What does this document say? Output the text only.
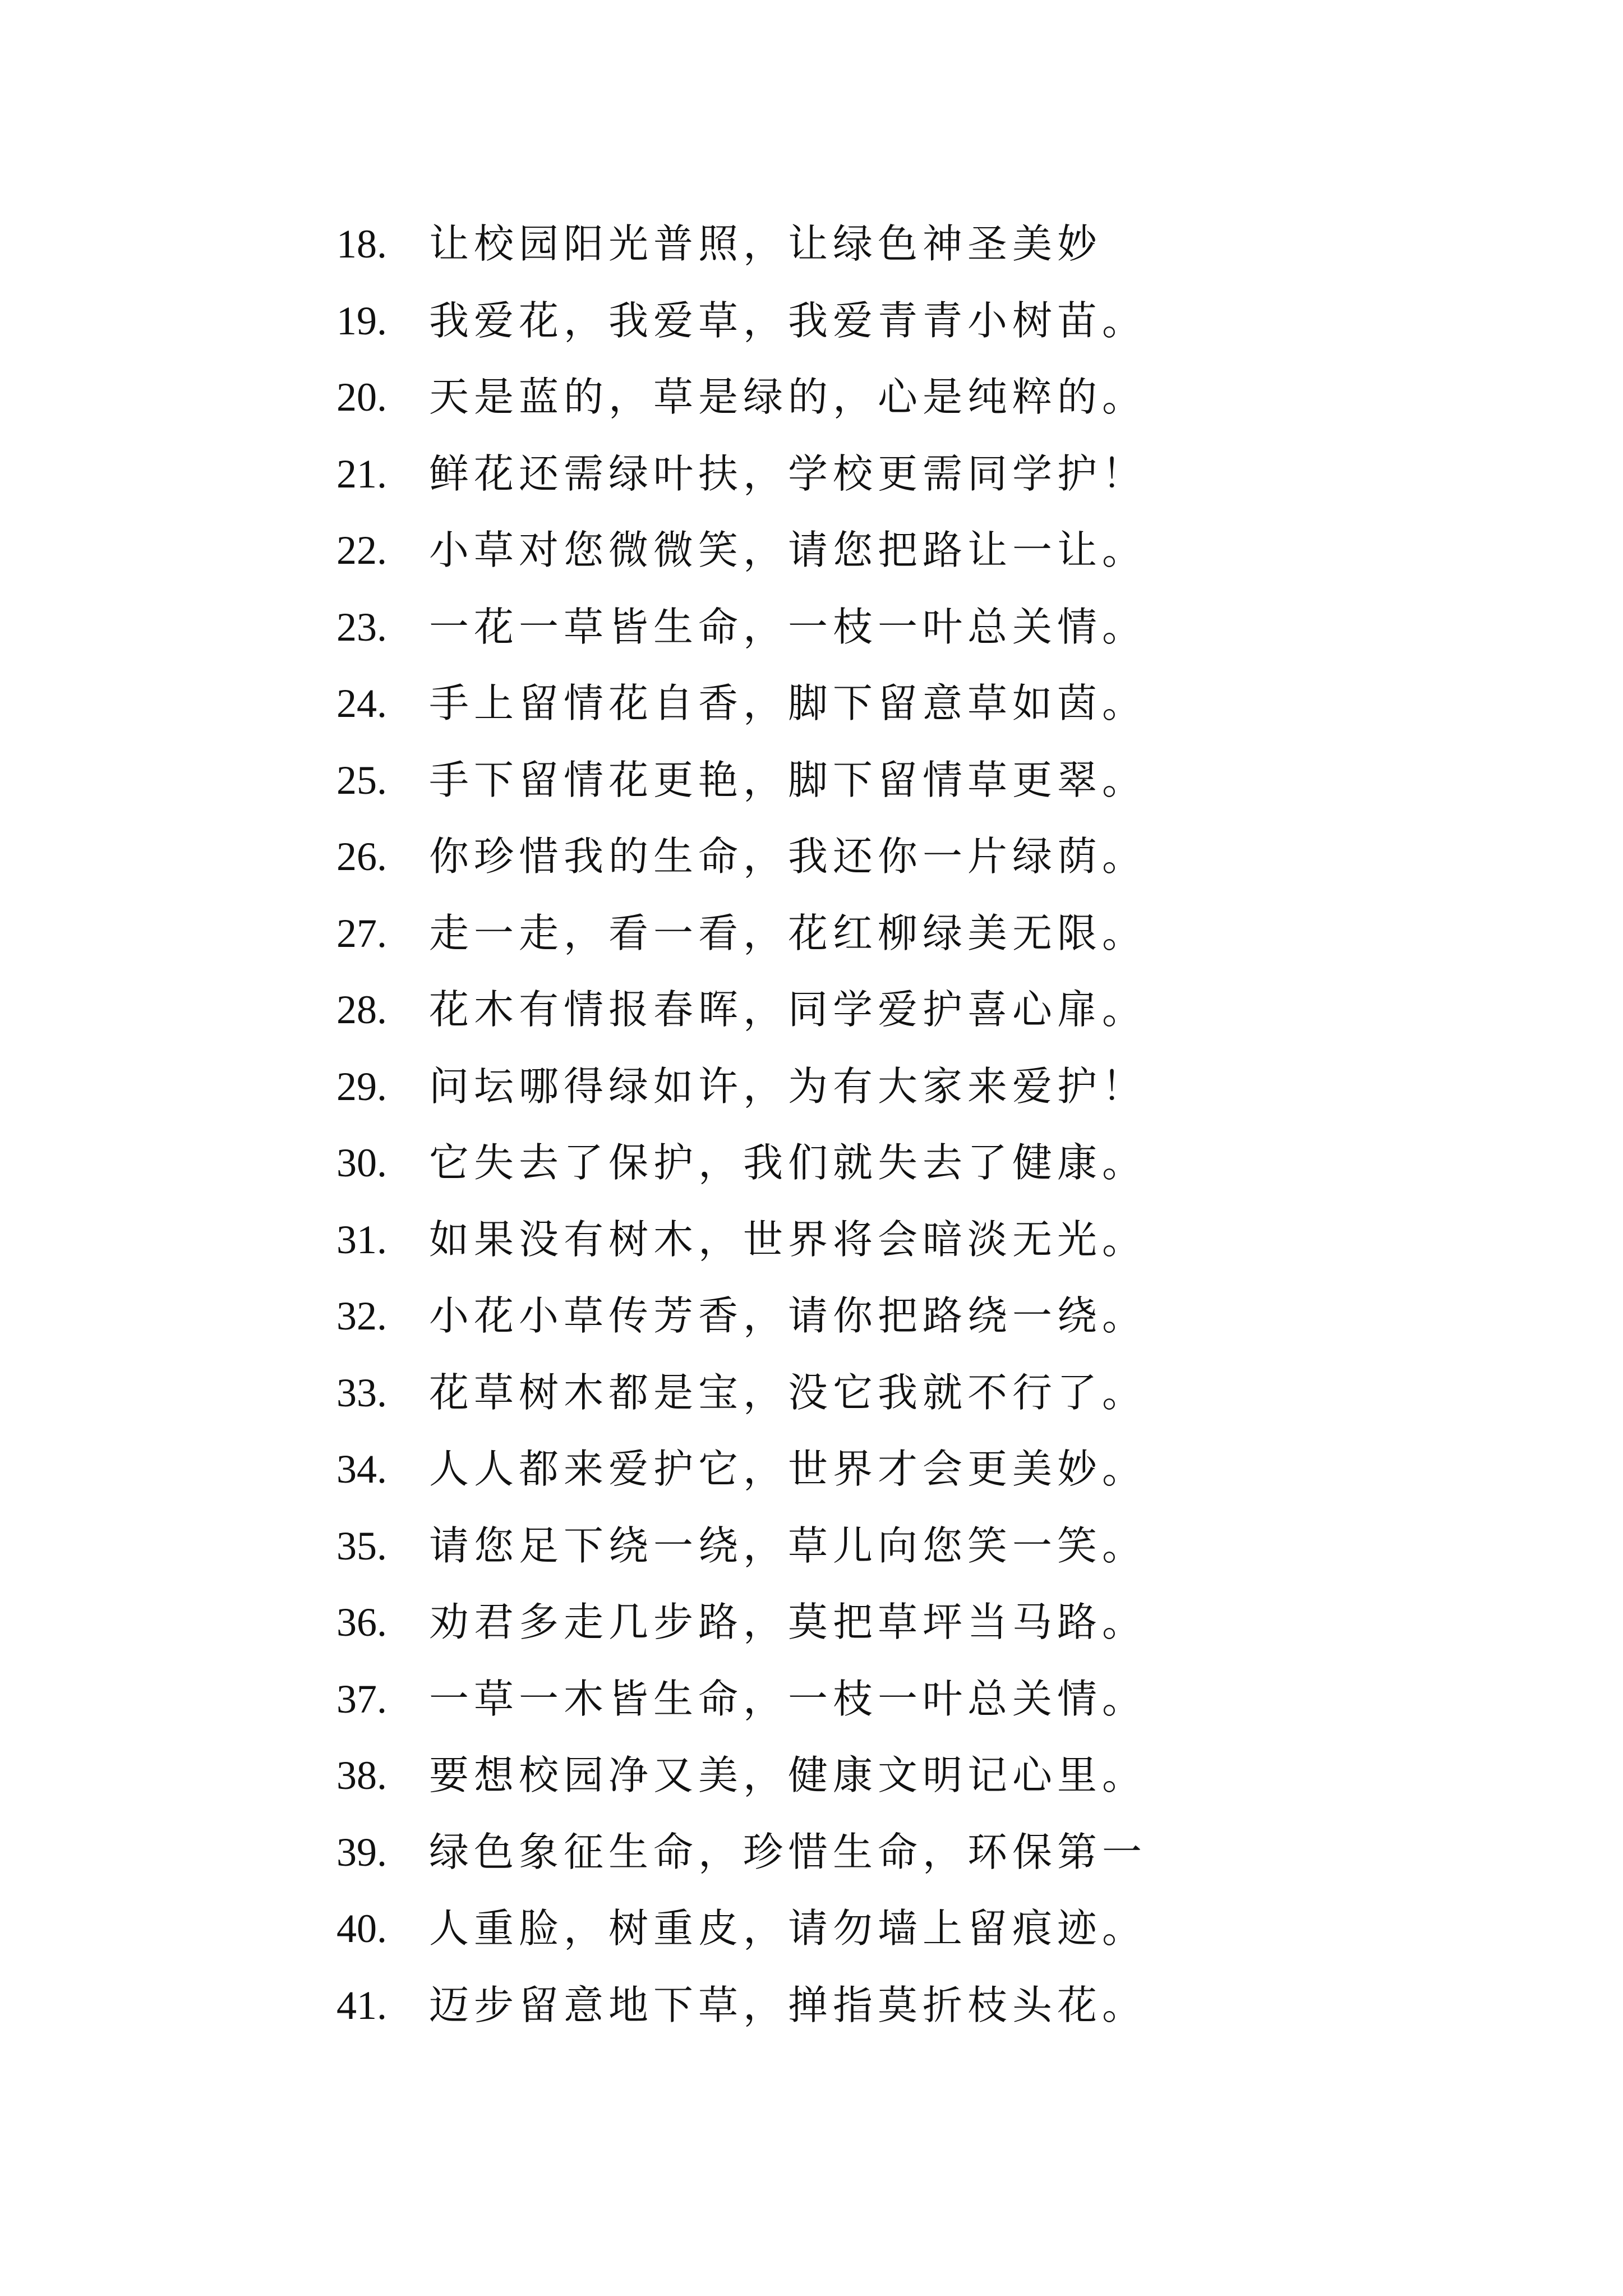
18.	让校园阳光普照，让绿色神圣美妙
19.	我爱花，我爱草，我爱青青小树苗。
20.	天是蓝的，草是绿的，心是纯粹的。
21.	鲜花还需绿叶扶，学校更需同学护！
22.	小草对您微微笑，请您把路让一让。
23.	一花一草皆生命，一枝一叶总关情。
24.	手上留情花自香，脚下留意草如茵。
25.	手下留情花更艳，脚下留情草更翠。
26.	你珍惜我的生命，我还你一片绿荫。
27.	走一走，看一看，花红柳绿美无限。
28.	花木有情报春晖，同学爱护喜心扉。
29.	问坛哪得绿如许，为有大家来爱护！
30.	它失去了保护，我们就失去了健康。
31.	如果没有树木，世界将会暗淡无光。
32.	小花小草传芳香，请你把路绕一绕。
33.	花草树木都是宝，没它我就不行了。
34.	人人都来爱护它，世界才会更美妙。
35.	请您足下绕一绕，草儿向您笑一笑。
36.	劝君多走几步路，莫把草坪当马路。
37.	一草一木皆生命，一枝一叶总关情。
38.	要想校园净又美，健康文明记心里。
39.	绿色象征生命，珍惜生命，环保第一
40.	人重脸，树重皮，请勿墙上留痕迹。
41.	迈步留意地下草，掸指莫折枝头花。
